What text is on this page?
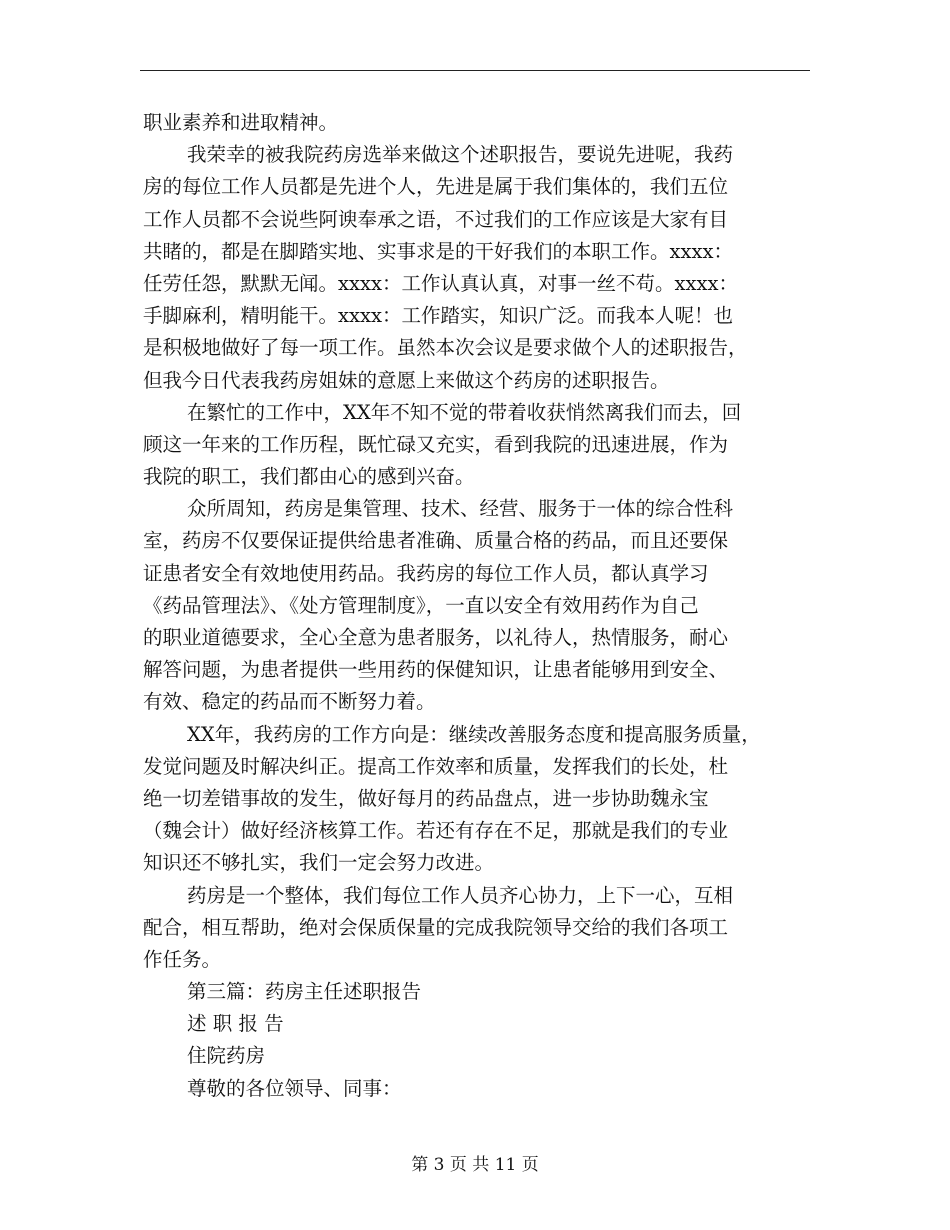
职业素养和进取精神。
我荣幸的被我院药房选举来做这个述职报告，要说先进呢，我药
房的每位工作人员都是先进个人，先进是属于我们集体的，我们五位
工作人员都不会说些阿谀奉承之语，不过我们的工作应该是大家有目
共睹的，都是在脚踏实地、实事求是的干好我们的本职工作。xxxx：
任劳任怨，默默无闻。xxxx：工作认真认真，对事一丝不苟。xxxx：
手脚麻利，精明能干。xxxx：工作踏实，知识广泛。而我本人呢！也
是积极地做好了每一项工作。虽然本次会议是要求做个人的述职报告，
但我今日代表我药房姐妹的意愿上来做这个药房的述职报告。
在繁忙的工作中，XX年不知不觉的带着收获悄然离我们而去，回
顾这一年来的工作历程，既忙碌又充实，看到我院的迅速进展，作为
我院的职工，我们都由心的感到兴奋。
众所周知，药房是集管理、技术、经营、服务于一体的综合性科
室，药房不仅要保证提供给患者准确、质量合格的药品，而且还要保
证患者安全有效地使用药品。我药房的每位工作人员，都认真学习
《药品管理法》、《处方管理制度》，一直以安全有效用药作为自己
的职业道德要求，全心全意为患者服务，以礼待人，热情服务，耐心
解答问题，为患者提供一些用药的保健知识，让患者能够用到安全、
有效、稳定的药品而不断努力着。
XX年，我药房的工作方向是：继续改善服务态度和提高服务质量，
发觉问题及时解决纠正。提高工作效率和质量，发挥我们的长处，杜
绝一切差错事故的发生，做好每月的药品盘点，进一步协助魏永宝
（魏会计）做好经济核算工作。若还有存在不足，那就是我们的专业
知识还不够扎实，我们一定会努力改进。
药房是一个整体，我们每位工作人员齐心协力，上下一心，互相
配合，相互帮助，绝对会保质保量的完成我院领导交给的我们各项工
作任务。
第三篇：药房主任述职报告
述 职 报 告
住院药房
尊敬的各位领导、同事：
第 3 页 共 11 页
